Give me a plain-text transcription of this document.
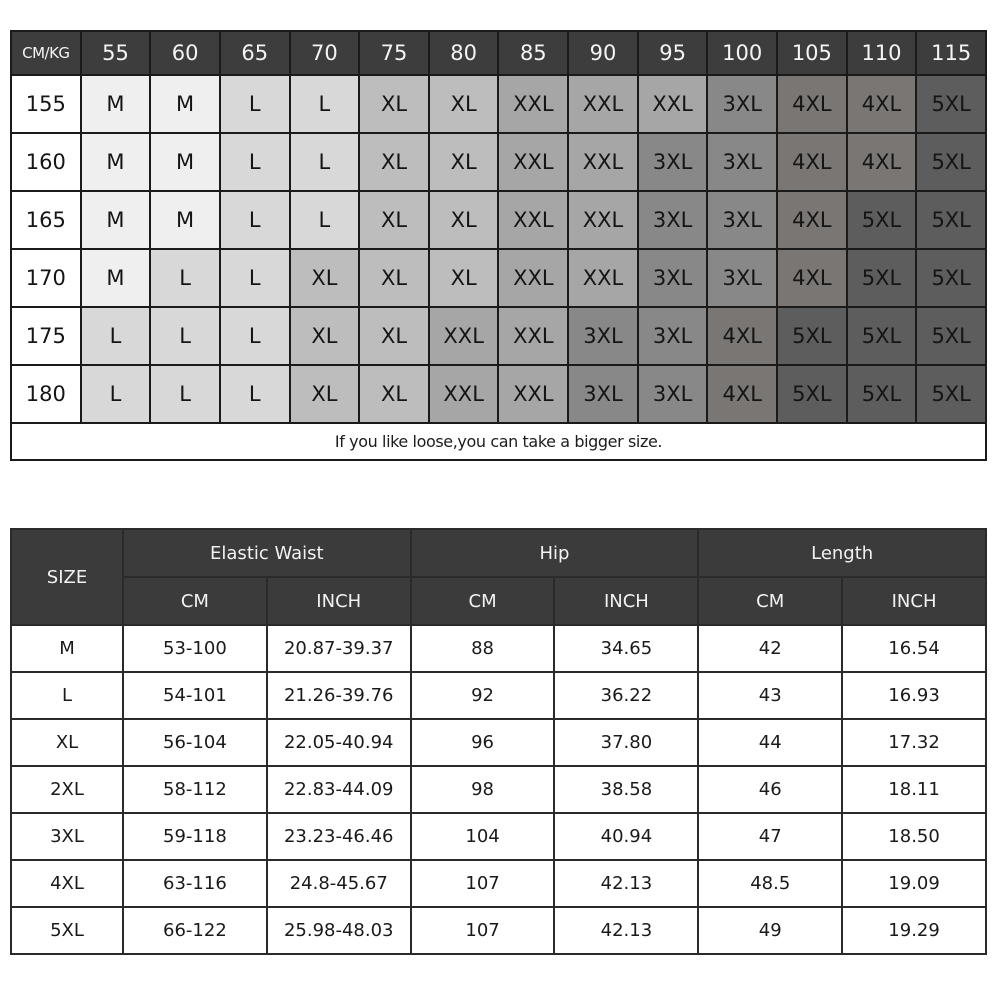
CM/KG	55	60	65	70	75	80	85	90	95	100	105	110	115
155	M	M	L	L	XL	XL	XXL	XXL	XXL	3XL	4XL	4XL	5XL
160	M	M	L	L	XL	XL	XXL	XXL	3XL	3XL	4XL	4XL	5XL
165	M	M	L	L	XL	XL	XXL	XXL	3XL	3XL	4XL	5XL	5XL
170	M	L	L	XL	XL	XL	XXL	XXL	3XL	3XL	4XL	5XL	5XL
175	L	L	L	XL	XL	XXL	XXL	3XL	3XL	4XL	5XL	5XL	5XL
180	L	L	L	XL	XL	XXL	XXL	3XL	3XL	4XL	5XL	5XL	5XL
If you like loose,you can take a bigger size.													
SIZE	Elastic Waist		Hip		Length	
	CM	INCH	CM	INCH	CM	INCH
M	53-100	20.87-39.37	88	34.65	42	16.54
L	54-101	21.26-39.76	92	36.22	43	16.93
XL	56-104	22.05-40.94	96	37.80	44	17.32
2XL	58-112	22.83-44.09	98	38.58	46	18.11
3XL	59-118	23.23-46.46	104	40.94	47	18.50
4XL	63-116	24.8-45.67	107	42.13	48.5	19.09
5XL	66-122	25.98-48.03	107	42.13	49	19.29
